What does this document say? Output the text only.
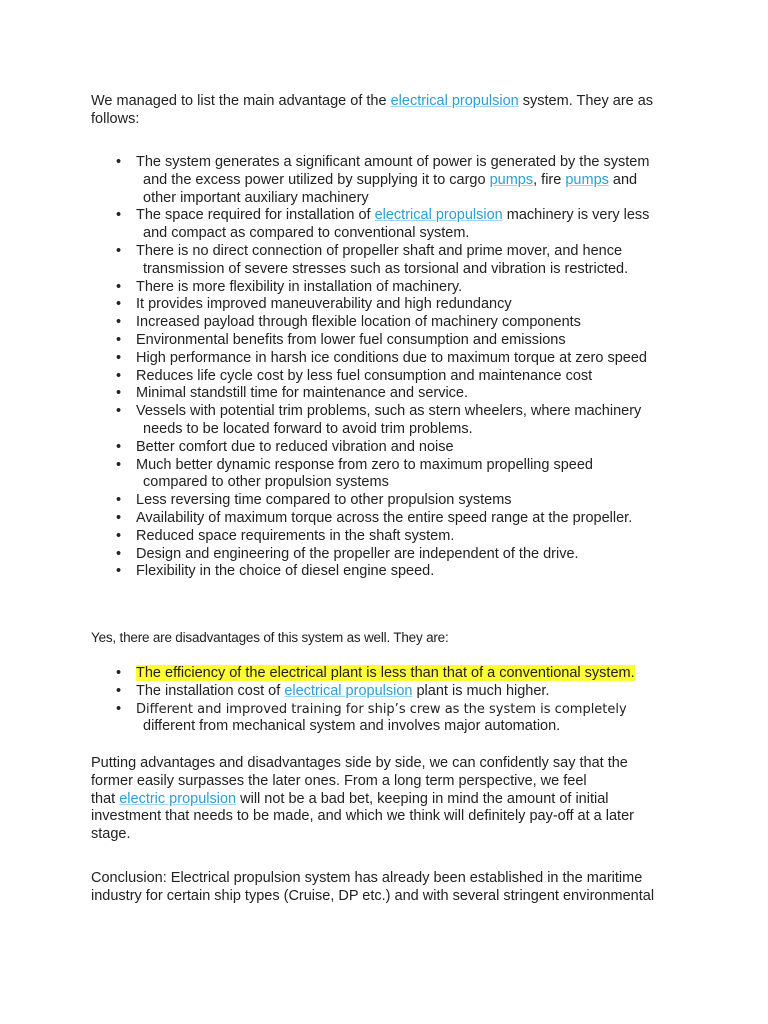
We managed to list the main advantage of the electrical propulsion system. They are as
follows:
• The system generates a significant amount of power is generated by the system
and the excess power utilized by supplying it to cargo pumps, fire pumps and
other important auxiliary machinery
• The space required for installation of electrical propulsion machinery is very less
and compact as compared to conventional system.
• There is no direct connection of propeller shaft and prime mover, and hence
transmission of severe stresses such as torsional and vibration is restricted.
• There is more flexibility in installation of machinery.
• It provides improved maneuverability and high redundancy
• Increased payload through flexible location of machinery components
• Environmental benefits from lower fuel consumption and emissions
• High performance in harsh ice conditions due to maximum torque at zero speed
• Reduces life cycle cost by less fuel consumption and maintenance cost
• Minimal standstill time for maintenance and service.
• Vessels with potential trim problems, such as stern wheelers, where machinery
needs to be located forward to avoid trim problems.
• Better comfort due to reduced vibration and noise
• Much better dynamic response from zero to maximum propelling speed
compared to other propulsion systems
• Less reversing time compared to other propulsion systems
• Availability of maximum torque across the entire speed range at the propeller.
• Reduced space requirements in the shaft system.
• Design and engineering of the propeller are independent of the drive.
• Flexibility in the choice of diesel engine speed.
Yes, there are disadvantages of this system as well. They are:
• The efficiency of the electrical plant is less than that of a conventional system.
• The installation cost of electrical propulsion plant is much higher.
• Different and improved training for ship’s crew as the system is completely
different from mechanical system and involves major automation.
Putting advantages and disadvantages side by side, we can confidently say that the
former easily surpasses the later ones. From a long term perspective, we feel
that electric propulsion will not be a bad bet, keeping in mind the amount of initial
investment that needs to be made, and which we think will definitely pay-off at a later
stage.
Conclusion: Electrical propulsion system has already been established in the maritime
industry for certain ship types (Cruise, DP etc.) and with several stringent environmental
